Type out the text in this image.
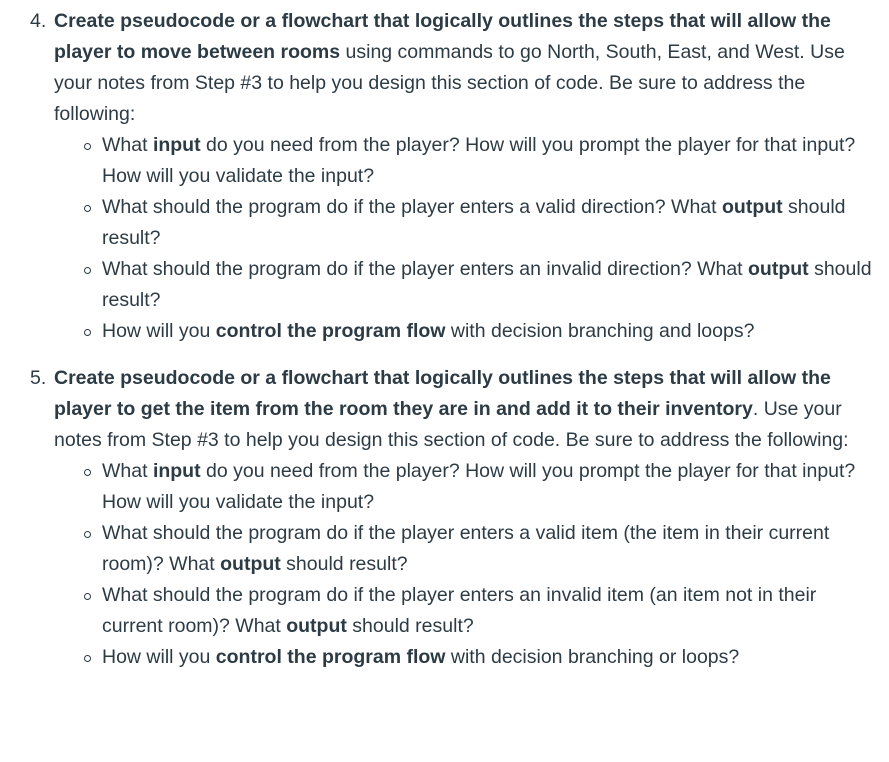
4. Create pseudocode or a flowchart that logically outlines the steps that will allow the player to move between rooms using commands to go North, South, East, and West. Use your notes from Step #3 to help you design this section of code. Be sure to address the following:
What input do you need from the player? How will you prompt the player for that input? How will you validate the input?
What should the program do if the player enters a valid direction? What output should result?
What should the program do if the player enters an invalid direction? What output should result?
How will you control the program flow with decision branching and loops?
5. Create pseudocode or a flowchart that logically outlines the steps that will allow the player to get the item from the room they are in and add it to their inventory. Use your notes from Step #3 to help you design this section of code. Be sure to address the following:
What input do you need from the player? How will you prompt the player for that input? How will you validate the input?
What should the program do if the player enters a valid item (the item in their current room)? What output should result?
What should the program do if the player enters an invalid item (an item not in their current room)? What output should result?
How will you control the program flow with decision branching or loops?
